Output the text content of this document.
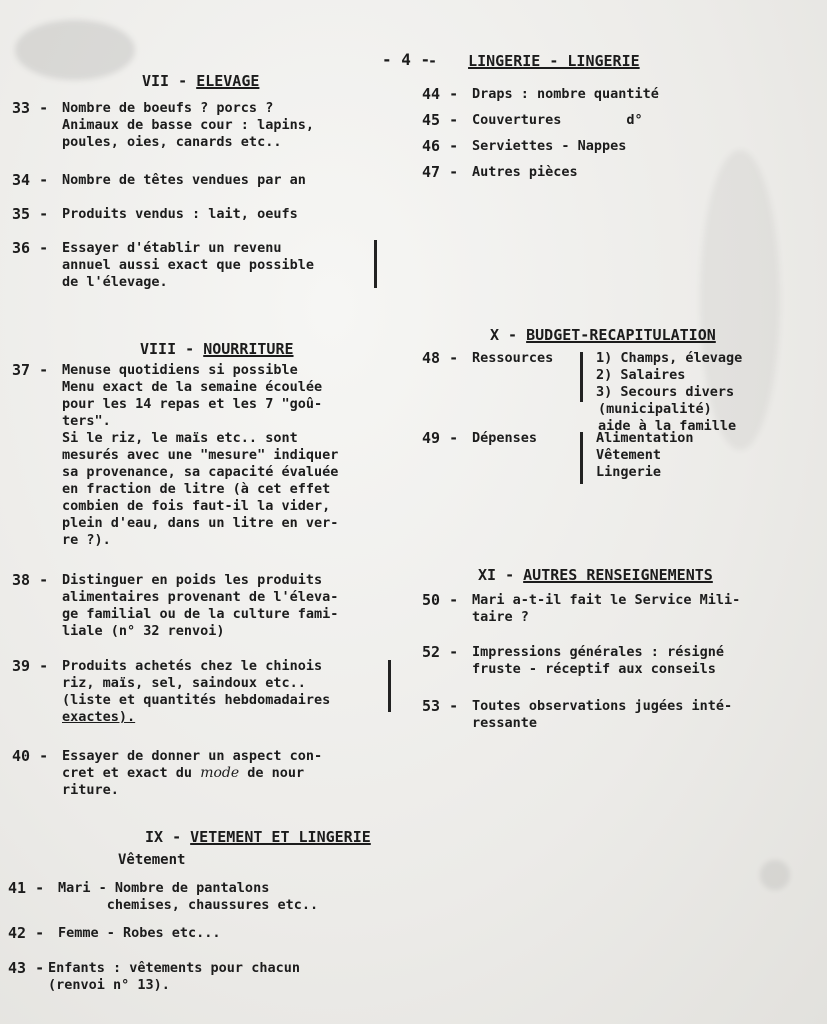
- 4 -
VII - ELEVAGE
33 - Nombre de boeufs ? porcs ?
Animaux de basse cour : lapins,
poules, oies, canards etc..
34 - Nombre de têtes vendues par an
35 - Produits vendus : lait, oeufs
36 - Essayer d'établir un revenu
annuel aussi exact que possible
de l'élevage.
VIII - NOURRITURE
37 - Menuse quotidiens si possible
Menu exact de la semaine écoulée
pour les 14 repas et les 7 "goû-
ters".
Si le riz, le maïs etc.. sont
mesurés avec une "mesure" indiquer
sa provenance, sa capacité évaluée
en fraction de litre (à cet effet
combien de fois faut-il la vider,
plein d'eau, dans un litre en ver-
re ?).
38 - Distinguer en poids les produits
alimentaires provenant de l'éleva-
ge familial ou de la culture fami-
liale (n° 32 renvoi)
39 - Produits achetés chez le chinois
riz, maïs, sel, saindoux etc..
(liste et quantités hebdomadaires
exactes).
40 - Essayer de donner un aspect con-
cret et exact du mode de nour
riture.
IX - VETEMENT ET LINGERIE
Vêtement
41 - Mari - Nombre de pantalons
chemises, chaussures etc..
42 - Femme - Robes etc...
43 - Enfants : vêtements pour chacun
(renvoi n° 13).
- LINGERIE - LINGERIE
44 - Draps : nombre quantité
45 - Couvertures        d°
46 - Serviettes - Nappes
47 - Autres pièces
X - BUDGET-RECAPITULATION
48 - Ressources	1) Champs, élevage
2) Salaires
3) Secours divers
(municipalité)
aide à la famille
49 - Dépenses	Alimentation
Vêtement
Lingerie
XI - AUTRES RENSEIGNEMENTS
50 - Mari a-t-il fait le Service Mili-
taire ?
52 - Impressions générales : résigné
fruste - réceptif aux conseils
53 - Toutes observations jugées inté-
ressante
